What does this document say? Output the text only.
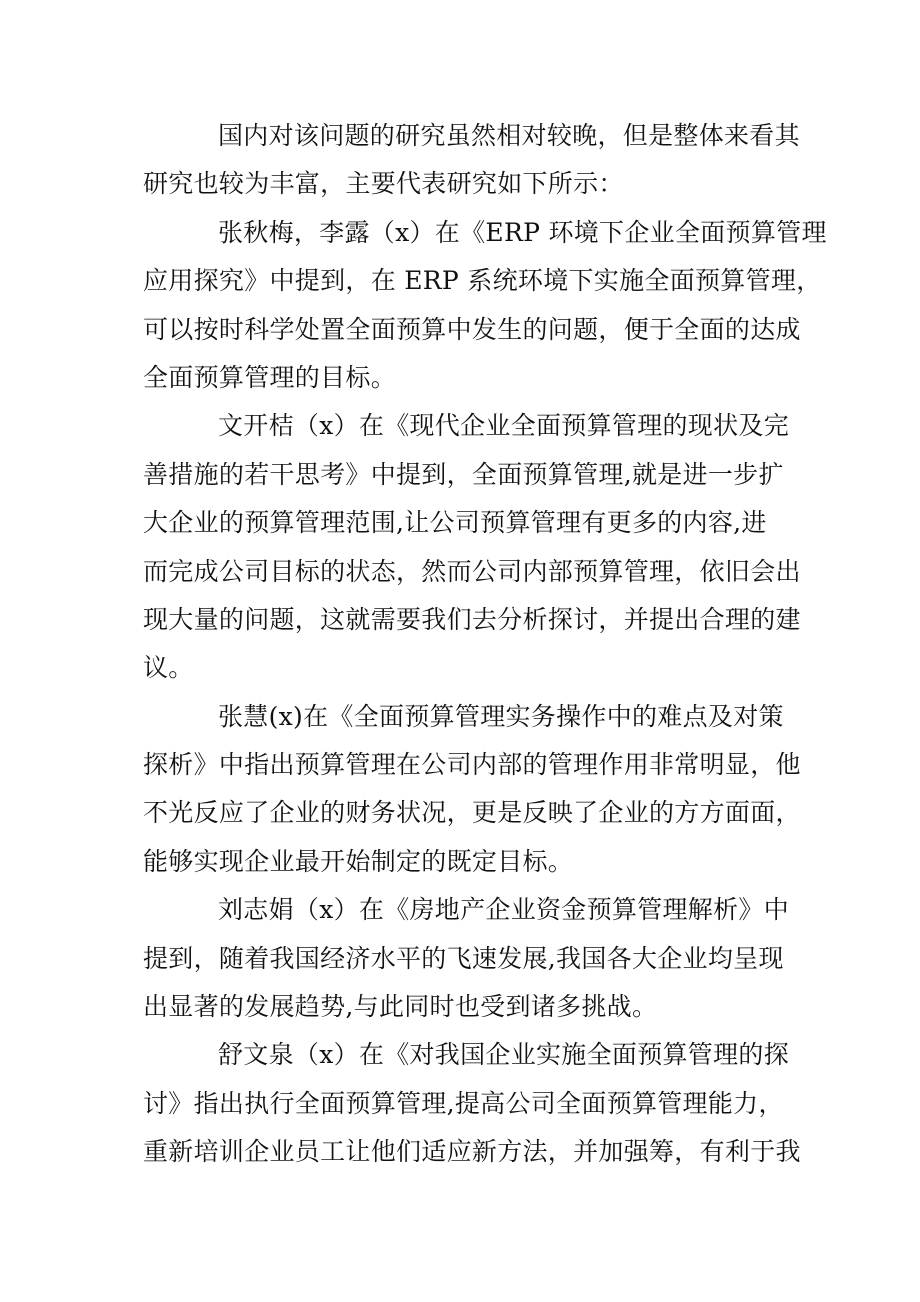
国内对该问题的研究虽然相对较晚，但是整体来看其
研究也较为丰富，主要代表研究如下所示：
张秋梅，李露（x）在《ERP 环境下企业全面预算管理
应用探究》中提到，在 ERP 系统环境下实施全面预算管理，
可以按时科学处置全面预算中发生的问题，便于全面的达成
全面预算管理的目标。
文开桔（x）在《现代企业全面预算管理的现状及完
善措施的若干思考》中提到，全面预算管理,就是进一步扩
大企业的预算管理范围,让公司预算管理有更多的内容,进
而完成公司目标的状态，然而公司内部预算管理，依旧会出
现大量的问题，这就需要我们去分析探讨，并提出合理的建
议。
张慧(x)在《全面预算管理实务操作中的难点及对策
探析》中指出预算管理在公司内部的管理作用非常明显，他
不光反应了企业的财务状况，更是反映了企业的方方面面，
能够实现企业最开始制定的既定目标。
刘志娟（x）在《房地产企业资金预算管理解析》中
提到，随着我国经济水平的飞速发展,我国各大企业均呈现
出显著的发展趋势,与此同时也受到诸多挑战。
舒文泉（x）在《对我国企业实施全面预算管理的探
讨》指出执行全面预算管理,提高公司全面预算管理能力，
重新培训企业员工让他们适应新方法，并加强筹，有利于我
